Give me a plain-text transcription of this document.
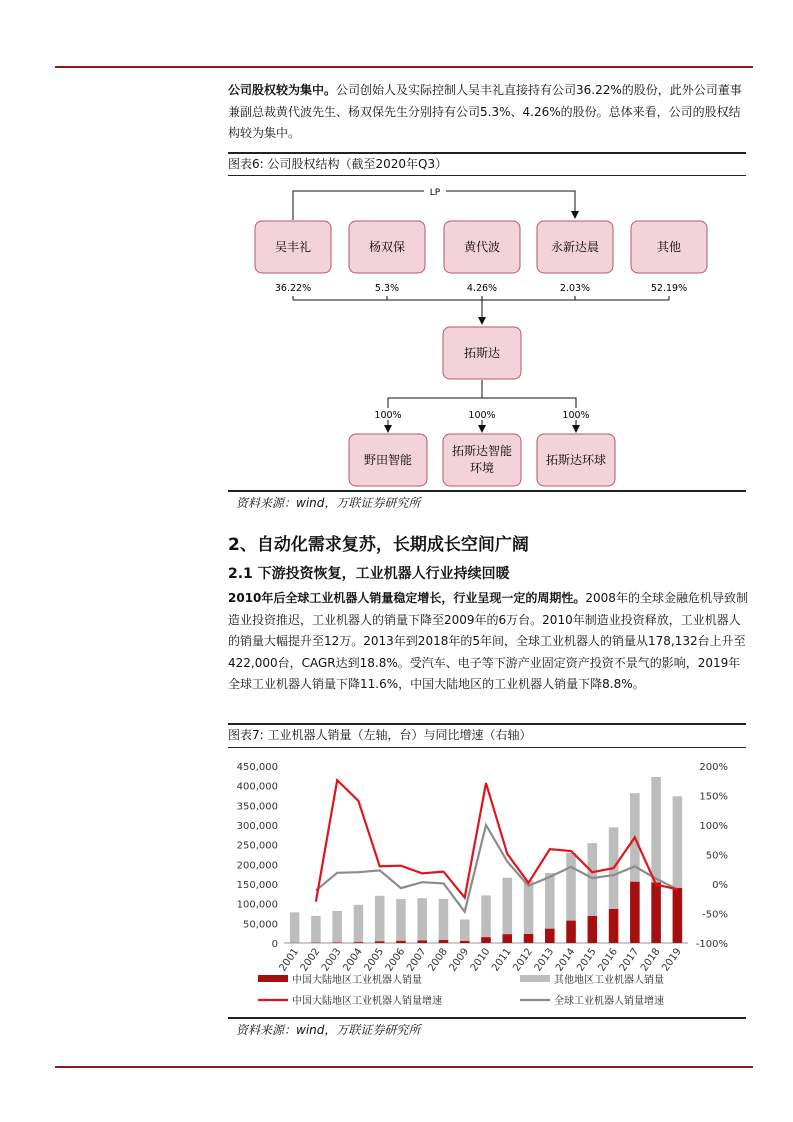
公司股权较为集中。公司创始人及实际控制人吴丰礼直接持有公司36.22%的股份，此外公司董事兼副总裁黄代波先生、杨双保先生分别持有公司5.3%、4.26%的股份。总体来看，公司的股权结构较为集中。
图表6: 公司股权结构（截至2020年Q3）
LP
吴丰礼
36.22%
杨双保
5.3%
黄代波
4.26%
永新达晨
2.03%
其他
52.19%
拓斯达
100%
野田智能
100%
拓斯达智能
环境
100%
拓斯达环球
资料来源：wind，万联证券研究所
2、自动化需求复苏，长期成长空间广阔
2.1 下游投资恢复，工业机器人行业持续回暖
2010年后全球工业机器人销量稳定增长，行业呈现一定的周期性。2008年的全球金融危机导致制造业投资推迟，工业机器人的销量下降至2009年的6万台。2010年制造业投资释放，工业机器人的销量大幅提升至12万。2013年到2018年的5年间，全球工业机器人的销量从178,132台上升至422,000台，CAGR达到18.8%。受汽车、电子等下游产业固定资产投资不景气的影响，2019年全球工业机器人销量下降11.6%，中国大陆地区的工业机器人销量下降8.8%。
图表7: 工业机器人销量（左轴，台）与同比增速（右轴）
0
50,000
100,000
150,000
200,000
250,000
300,000
350,000
400,000
450,000
-100%
-50%
0%
50%
100%
150%
200%
2001
2002
2003
2004
2005
2006
2007
2008
2009
2010
2011
2012
2013
2014
2015
2016
2017
2018
2019
中国大陆地区工业机器人销量	其他地区工业机器人销量
中国大陆地区工业机器人销量增速	全球工业机器人销量增速
资料来源：wind，万联证券研究所
